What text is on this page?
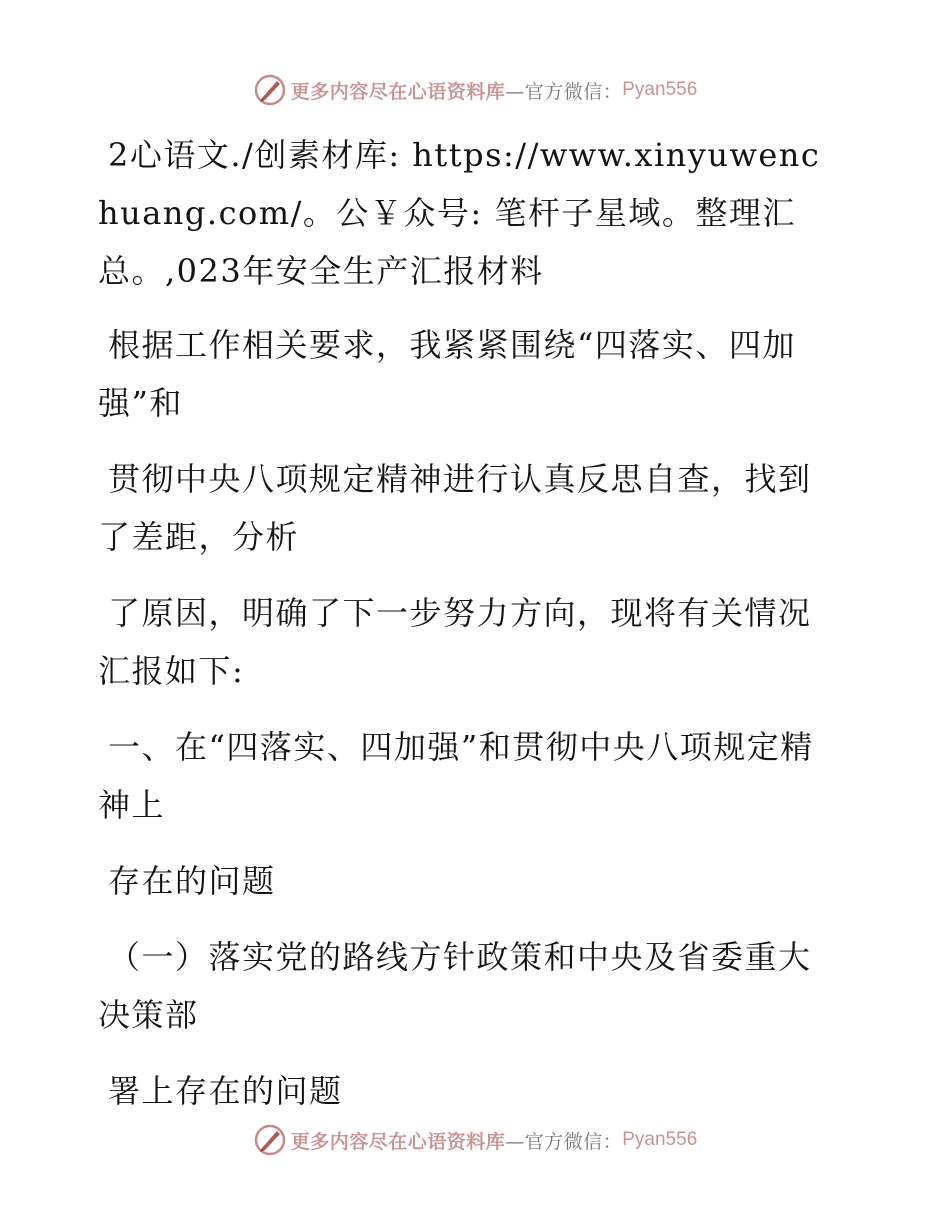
更多内容尽在心语资料库 —官方微信： Pyan556

2心语文./创素材库: https://www.xinyuwenchuang.com/。公￥众号: 笔杆子星域。整理汇总。,023年安全生产汇报材料

根据工作相关要求，我紧紧围绕“四落实、四加强”和

贯彻中央八项规定精神进行认真反思自查，找到了差距，分析

了原因，明确了下一步努力方向，现将有关情况汇报如下:

一、在“四落实、四加强”和贯彻中央八项规定精神上

存在的问题

（一）落实党的路线方针政策和中央及省委重大决策部

署上存在的问题

更多内容尽在心语资料库 —官方微信： Pyan556
